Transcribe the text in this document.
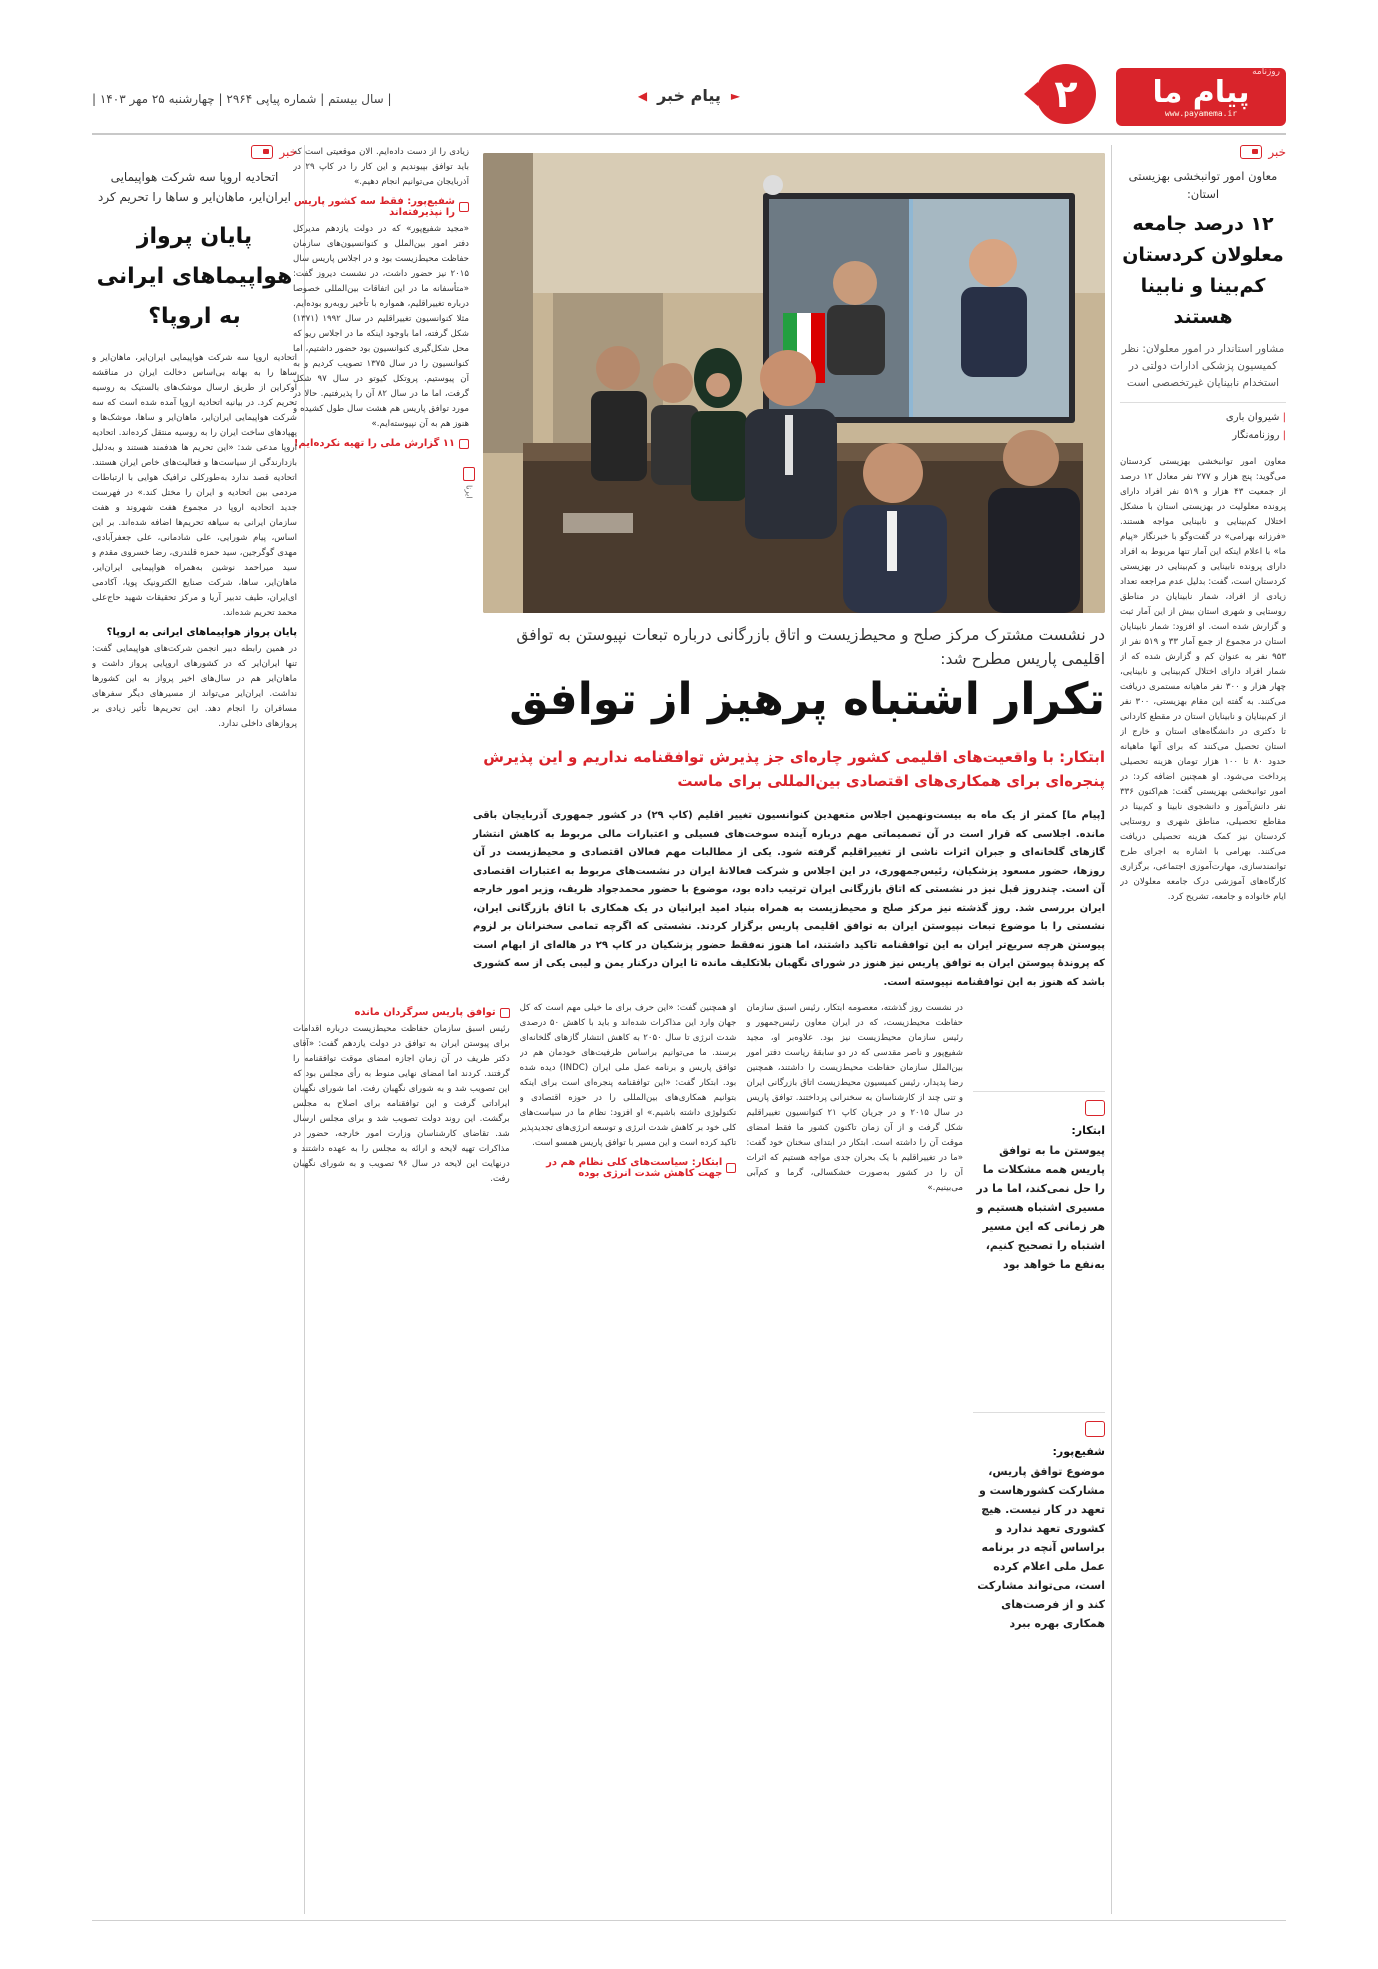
روزنامه
پیام ما
www.payamema.ir
۲
►
پیام خبر
◀
| سال بیستم | شماره پیاپی ۲۹۶۴ | چهارشنبه ۲۵ مهر ۱۴۰۳ |
خبر
معاون امور توانبخشی بهزیستی استان:
۱۲ درصد جامعه معلولان کردستان کم‌بینا و نابینا هستند
مشاور استاندار در امور معلولان: نظر کمیسیون پزشکی ادارات دولتی در استخدام نابینایان غیرتخصصی است
| شیروان باری
| روزنامه‌نگار
معاون امور توانبخشی بهزیستی کردستان می‌گوید: پنج هزار و ۲۷۷ نفر معادل ۱۲ درصد از جمعیت ۴۳ هزار و ۵۱۹ نفر افراد دارای پرونده معلولیت در بهزیستی استان با مشکل اختلال کم‌بینایی و نابینایی مواجه هستند. «فرزانه بهرامی» در گفت‌وگو با خبرنگار «پیام ما» با اعلام اینکه این آمار تنها مربوط به افراد دارای پرونده نابینایی و کم‌بینایی در بهزیستی کردستان است، گفت: بدلیل عدم مراجعه تعداد زیادی از افراد، شمار نابینایان در مناطق روستایی و شهری استان بیش از این آمار ثبت و گزارش شده است. او افزود: شمار نابینایان استان در مجموع از جمع آمار ۳۳ و ۵۱۹ نفر از ۹۵۳ نفر به عنوان کم و گزارش شده که از شمار افراد دارای اختلال کم‌بینایی و نابینایی، چهار هزار و ۳۰۰ نفر ماهیانه مستمری دریافت می‌کنند. به گفته این مقام بهزیستی، ۳۰۰ نفر از کم‌بینایان و نابینایان استان در مقطع کاردانی تا دکتری در دانشگاه‌های استان و خارج از استان تحصیل می‌کنند که برای آنها ماهیانه حدود ۸۰ تا ۱۰۰ هزار تومان هزینه تحصیلی پرداخت می‌شود. او همچنین اضافه کرد: در امور توانبخشی بهزیستی گفت: هم‌اکنون ۳۳۶ نفر دانش‌آموز و دانشجوی نابینا و کم‌بینا در مقاطع تحصیلی، مناطق شهری و روستایی کردستان نیز کمک هزینه تحصیلی دریافت می‌کنند. بهرامی با اشاره به اجرای طرح توانمندسازی، مهارت‌آموزی اجتماعی، برگزاری کارگاه‌های آموزشی درک جامعه معلولان در ایام خانواده و جامعه، تشریح کرد.
ایرنا
زیادی را از دست داده‌ایم. الان موقعیتی است که باید توافق بپیوندیم و این کار را در کاپ ۲۹ در آذربایجان می‌توانیم انجام دهیم.»
شفیع‌پور: فقط سه کشور پاریس را نپذیرفته‌اند
«مجید شفیع‌پور» که در دولت یازدهم مدیرکل دفتر امور بین‌الملل و کنوانسیون‌های سازمان حفاظت محیط‌زیست بود و در اجلاس پاریس سال ۲۰۱۵ نیز حضور داشت، در نشست دیروز گفت: «متأسفانه ما در این اتفاقات بین‌المللی خصوصا درباره تغییراقلیم، همواره با تأخیر روبه‌رو بوده‌ایم. مثلا کنوانسیون تغییراقلیم در سال ۱۹۹۲ (۱۳۷۱) شکل گرفته، اما باوجود اینکه ما در اجلاس ریو که محل شکل‌گیری کنوانسیون بود حضور داشتیم، اما کنوانسیون را در سال ۱۳۷۵ تصویب کردیم و به آن پیوستیم. پروتکل کیوتو در سال ۹۷ شکل گرفت، اما ما در سال ۸۲ آن را پذیرفتیم. حالا در مورد توافق پاریس هم هشت سال طول کشیده و هنوز هم به آن نپیوسته‌ایم.»
۱۱ گزارش ملی را تهیه نکرده‌ایم!
در نشست مشترک مرکز صلح و محیط‌زیست و اتاق بازرگانی درباره تبعات نپیوستن به توافق اقلیمی پاریس مطرح شد:
تکرار اشتباه پرهیز از توافق
ابتکار: با واقعیت‌های اقلیمی کشور چاره‌ای جز پذیرش توافقنامه نداریم و این پذیرش پنجره‌ای برای همکاری‌های اقتصادی بین‌المللی برای ماست
[پیام ما] کمتر از یک ماه به بیست‌ونهمین اجلاس متعهدین کنوانسیون تغییر اقلیم (کاپ ۲۹) در کشور جمهوری آذربایجان باقی مانده. اجلاسی که قرار است در آن تصمیماتی مهم درباره آینده سوخت‌های فسیلی و اعتبارات مالی مربوط به کاهش انتشار گازهای گلخانه‌ای و جبران اثرات ناشی از تغییراقلیم گرفته شود. یکی از مطالبات مهم فعالان اقتصادی و محیط‌زیست در آن روزها، حضور مسعود پزشکیان، رئیس‌جمهوری، در این اجلاس و شرکت فعالانهٔ ایران در نشست‌های مربوط به اعتبارات اقتصادی آن است. چندروز قبل نیز در نشستی که اتاق بازرگانی ایران ترتیب داده بود، موضوع با حضور محمدجواد ظریف، وزیر امور خارجه ایران بررسی شد. روز گذشته نیز مرکز صلح و محیط‌زیست به همراه بنیاد امید ایرانیان در یک همکاری با اتاق بازرگانی ایران، نشستی را با موضوع تبعات نپیوستن ایران به توافق اقلیمی پاریس برگزار کردند. نشستی که اگرچه تمامی سخنرانان بر لزوم پیوستن هرچه سریع‌تر ایران به این توافقنامه تاکید داشتند، اما هنوز نه‌فقط حضور پزشکیان در کاپ ۲۹ در هاله‌ای از ابهام است که پروندهٔ پیوستن ایران به توافق پاریس نیز هنوز در شورای نگهبان بلاتکلیف مانده تا ایران درکنار یمن و لیبی یکی از سه کشوری باشد که هنوز به این توافقنامه نپیوسته است.
ابتکار:
پیوستن ما به توافق پاریس همه مشکلات ما را حل نمی‌کند، اما ما در مسیری اشتباه هستیم و هر زمانی که این مسیر اشتباه را تصحیح کنیم، به‌نفع ما خواهد بود
شفیع‌پور:
موضوع توافق پاریس، مشارکت کشورهاست و تعهد در کار نیست. هیچ کشوری تعهد ندارد و براساس آنچه در برنامه عمل ملی اعلام کرده است، می‌تواند مشارکت کند و از فرصت‌های همکاری بهره ببرد
در نشست روز گذشته، معصومه ابتکار، رئیس اسبق سازمان حفاظت محیط‌زیست، که در ایران معاون رئیس‌جمهور و رئیس سازمان محیط‌زیست نیز بود. علاوه‌بر او، مجید شفیع‌پور و ناصر مقدسی که در دو سابقهٔ ریاست دفتر امور بین‌الملل سازمان حفاظت محیط‌زیست را داشتند، همچنین رضا پدیدار، رئیس کمیسیون محیط‌زیست اتاق بازرگانی ایران و تنی چند از کارشناسان به سخنرانی پرداختند. توافق پاریس در سال ۲۰۱۵ و در جریان کاپ ۲۱ کنوانسیون تغییراقلیم شکل گرفت و از آن زمان تاکنون کشور ما فقط امضای موقت آن را داشته است. ابتکار در ابتدای سخنان خود گفت: «ما در تغییراقلیم با یک بحران جدی مواجه هستیم که اثرات آن را در کشور به‌صورت خشکسالی، گرما و کم‌آبی می‌بینیم.»
او همچنین گفت: «این حرف برای ما خیلی مهم است که کل جهان وارد این مذاکرات شده‌اند و باید با کاهش ۵۰ درصدی شدت انرژی تا سال ۲۰۵۰ به کاهش انتشار گازهای گلخانه‌ای برسند. ما می‌توانیم براساس ظرفیت‌های خودمان هم در توافق پاریس و برنامه عمل ملی ایران (INDC) دیده شده بود. ابتکار گفت: «این توافقنامه پنجره‌ای است برای اینکه بتوانیم همکاری‌های بین‌المللی را در حوزه اقتصادی و تکنولوژی داشته باشیم.» او افزود: نظام ما در سیاست‌های کلی خود بر کاهش شدت انرژی و توسعه انرژی‌های تجدیدپذیر تاکید کرده است و این مسیر با توافق پاریس همسو است.
ابتکار: سیاست‌های کلی نظام هم در جهت کاهش شدت انرژی بوده
توافق پاریس سرگردان مانده
رئیس اسبق سازمان حفاظت محیط‌زیست درباره اقدامات برای پیوستن ایران به توافق در دولت یازدهم گفت: «آقای دکتر ظریف در آن زمان اجازه امضای موقت توافقنامه را گرفتند. کردند اما امضای نهایی منوط به رأی مجلس بود که این تصویب شد و به شورای نگهبان رفت. اما شورای نگهبان ایراداتی گرفت و این توافقنامه برای اصلاح به مجلس برگشت. این روند دولت تصویب شد و برای مجلس ارسال شد. تقاضای کارشناسان وزارت امور خارجه، حضور در مذاکرات تهیه لایحه و ارائه به مجلس را به عهده داشتند و درنهایت این لایحه در سال ۹۶ تصویب و به شورای نگهبان رفت.
خبر
اتحادیه اروپا سه شرکت هواپیمایی ایران‌ایر، ماهان‌ایر و ساها را تحریم کرد
پایان پرواز هواپیماهای ایرانی به اروپا؟
اتحادیه اروپا سه شرکت هواپیمایی ایران‌ایر، ماهان‌ایر و ساها را به بهانه بی‌اساس دخالت ایران در مناقشه اوکراین از طریق ارسال موشک‌های بالستیک به روسیه تحریم کرد. در بیانیه اتحادیه اروپا آمده شده است که سه شرکت هواپیمایی ایران‌ایر، ماهان‌ایر و ساها، موشک‌ها و پهپادهای ساخت ایران را به روسیه منتقل کرده‌اند. اتحادیه اروپا مدعی شد: «این تحریم ها هدفمند هستند و به‌دلیل بازدارندگی از سیاست‌ها و فعالیت‌های خاص ایران هستند. اتحادیه قصد ندارد به‌طورکلی ترافیک هوایی با ارتباطات مردمی بین اتحادیه و ایران را مختل کند.» در فهرست جدید اتحادیه اروپا در مجموع هفت شهروند و هفت سازمان ایرانی به سیاهه تحریم‌ها اضافه شده‌اند. بر این اساس، پیام شورایی، علی شادمانی، علی جعفرآبادی، مهدی گوگرجین، سید حمزه قلندری، رضا خسروی مقدم و سید میراحمد نوشین به‌همراه هواپیمایی ایران‌ایر، ماهان‌ایر، ساها، شرکت صنایع الکترونیک پویا، آکادمی ای‌ایران، طیف تدبیر آریا و مرکز تحقیقات شهید حاج‌علی محمد تحریم شده‌اند.
پایان پرواز هواپیماهای ایرانی به اروپا؟
در همین رابطه دبیر انجمن شرکت‌های هواپیمایی گفت: تنها ایران‌ایر که در کشورهای اروپایی پرواز داشت و ماهان‌ایر هم در سال‌های اخیر پرواز به این کشورها نداشت. ایران‌ایر می‌تواند از مسیرهای دیگر سفرهای مسافران را انجام دهد. این تحریم‌ها تأثیر زیادی بر پروازهای داخلی ندارد.
